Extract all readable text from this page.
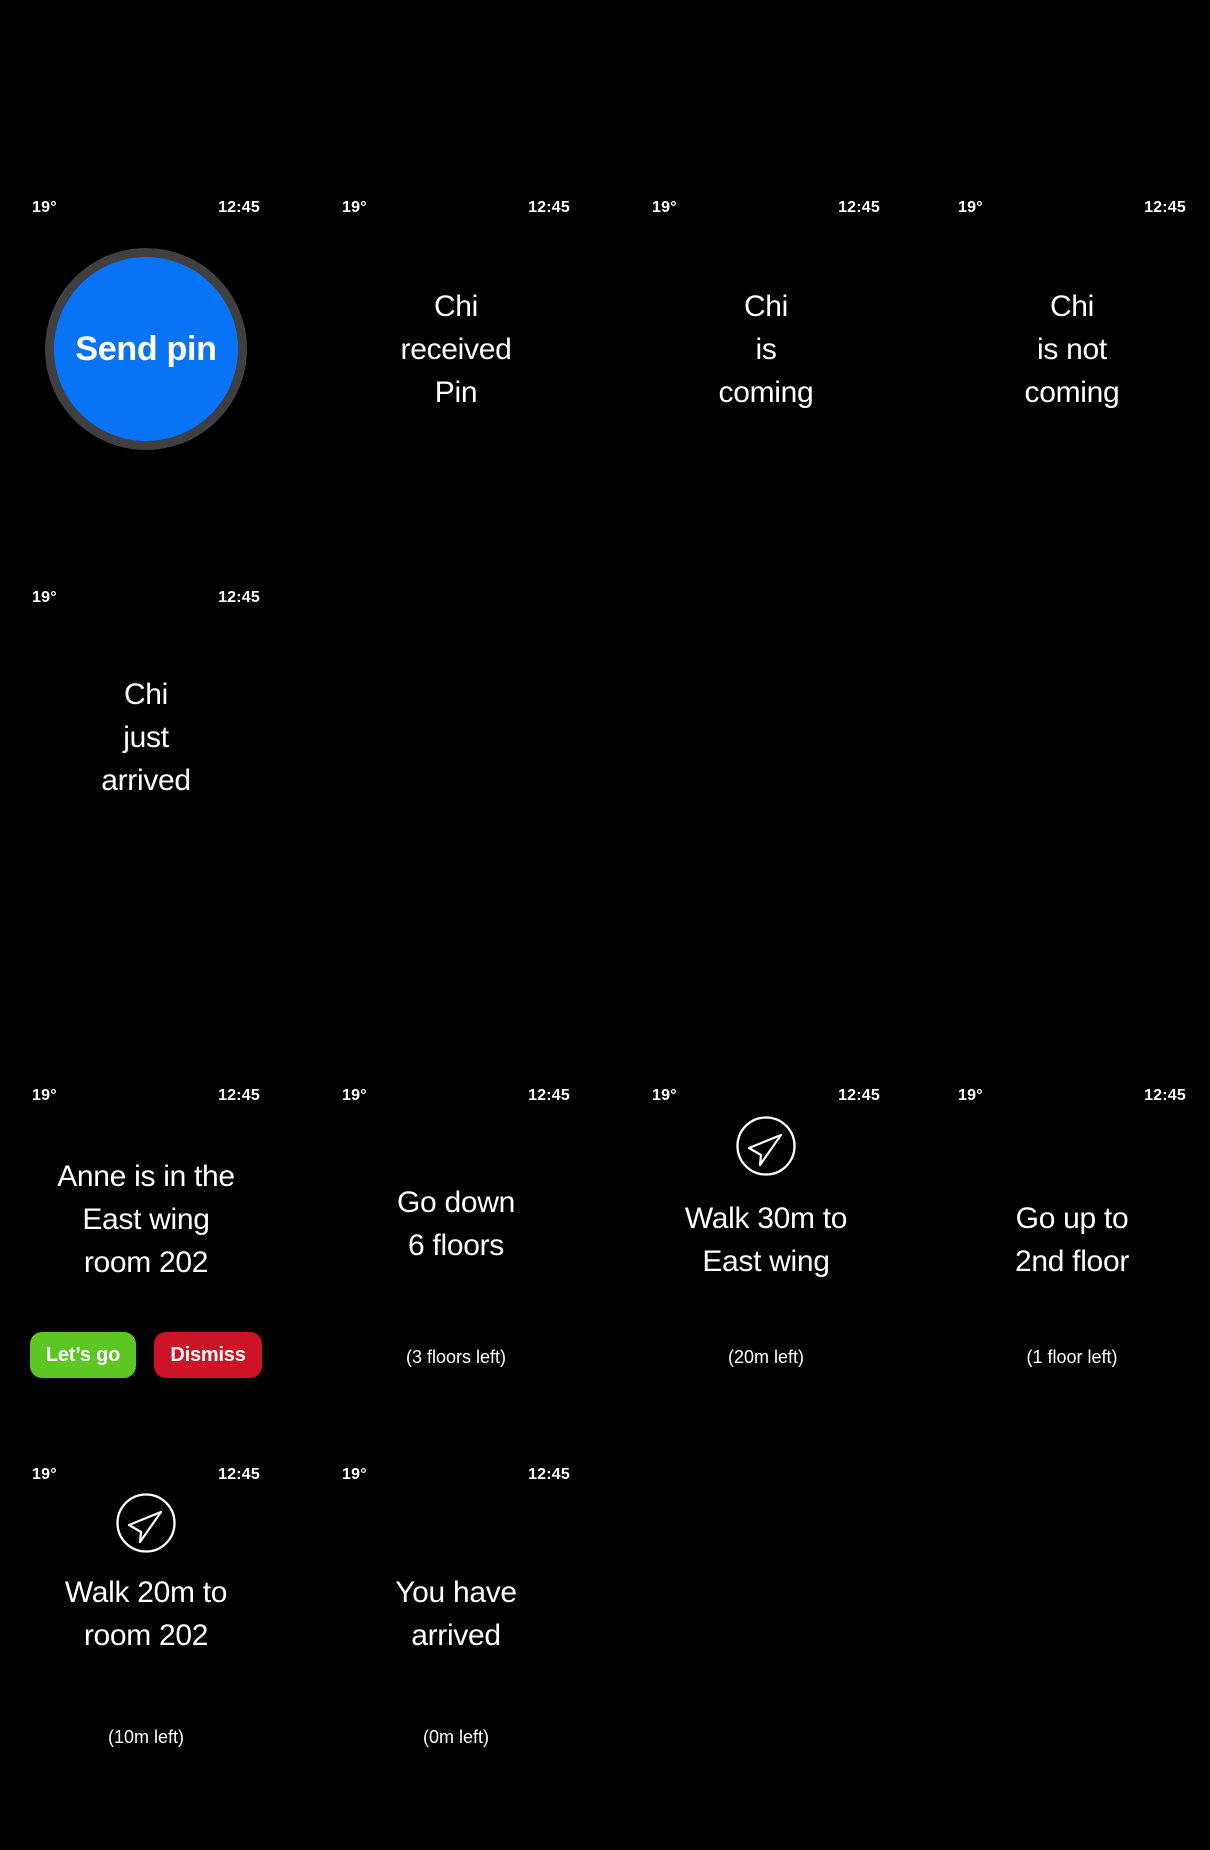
19°	12:45
Send pin
19°	12:45
Chi
received
Pin
19°	12:45
Chi
is
coming
19°	12:45
Chi
is not
coming
19°	12:45
Chi
just
arrived
19°	12:45
Anne is in the
East wing
room 202
Let’s go	Dismiss
19°	12:45
Go down
6 floors
(3 floors left)
19°	12:45
Walk 30m to
East wing
(20m left)
19°	12:45
Go up to
2nd floor
(1 floor left)
19°	12:45
Walk 20m to
room 202
(10m left)
19°	12:45
You have
arrived
(0m left)
